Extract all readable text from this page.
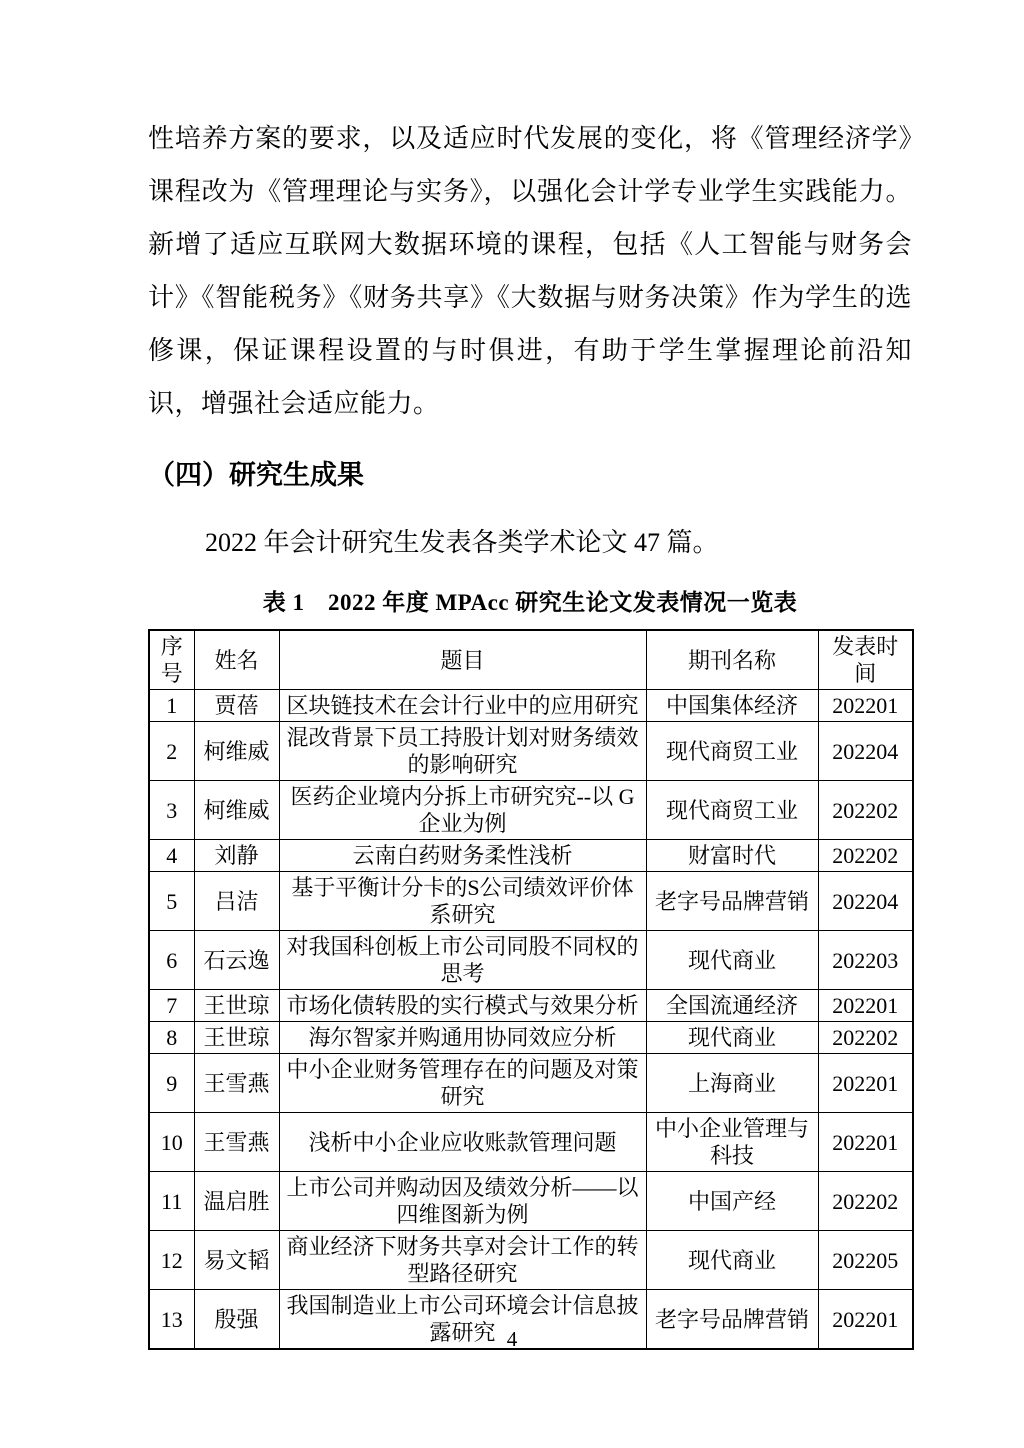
性培养方案的要求，以及适应时代发展的变化，将《管理经济学》课程改为《管理理论与实务》，以强化会计学专业学生实践能力。新增了适应互联网大数据环境的课程，包括《人工智能与财务会计》《智能税务》《财务共享》《大数据与财务决策》作为学生的选修课，保证课程设置的与时俱进，有助于学生掌握理论前沿知识，增强社会适应能力。

（四）研究生成果

2022 年会计研究生发表各类学术论文 47 篇。

表 1　2022 年度 MPAcc 研究生论文发表情况一览表

序号	姓名	题目	期刊名称	发表时间
1	贾蓓	区块链技术在会计行业中的应用研究	中国集体经济	202201
2	柯维威	混改背景下员工持股计划对财务绩效的影响研究	现代商贸工业	202204
3	柯维威	医药企业境内分拆上市研究究--以 G 企业为例	现代商贸工业	202202
4	刘静	云南白药财务柔性浅析	财富时代	202202
5	吕洁	基于平衡计分卡的S公司绩效评价体系研究	老字号品牌营销	202204
6	石云逸	对我国科创板上市公司同股不同权的思考	现代商业	202203
7	王世琼	市场化债转股的实行模式与效果分析	全国流通经济	202201
8	王世琼	海尔智家并购通用协同效应分析	现代商业	202202
9	王雪燕	中小企业财务管理存在的问题及对策研究	上海商业	202201
10	王雪燕	浅析中小企业应收账款管理问题	中小企业管理与科技	202201
11	温启胜	上市公司并购动因及绩效分析——以四维图新为例	中国产经	202202
12	易文韬	商业经济下财务共享对会计工作的转型路径研究	现代商业	202205
13	殷强	我国制造业上市公司环境会计信息披露研究	老字号品牌营销	202201
4
